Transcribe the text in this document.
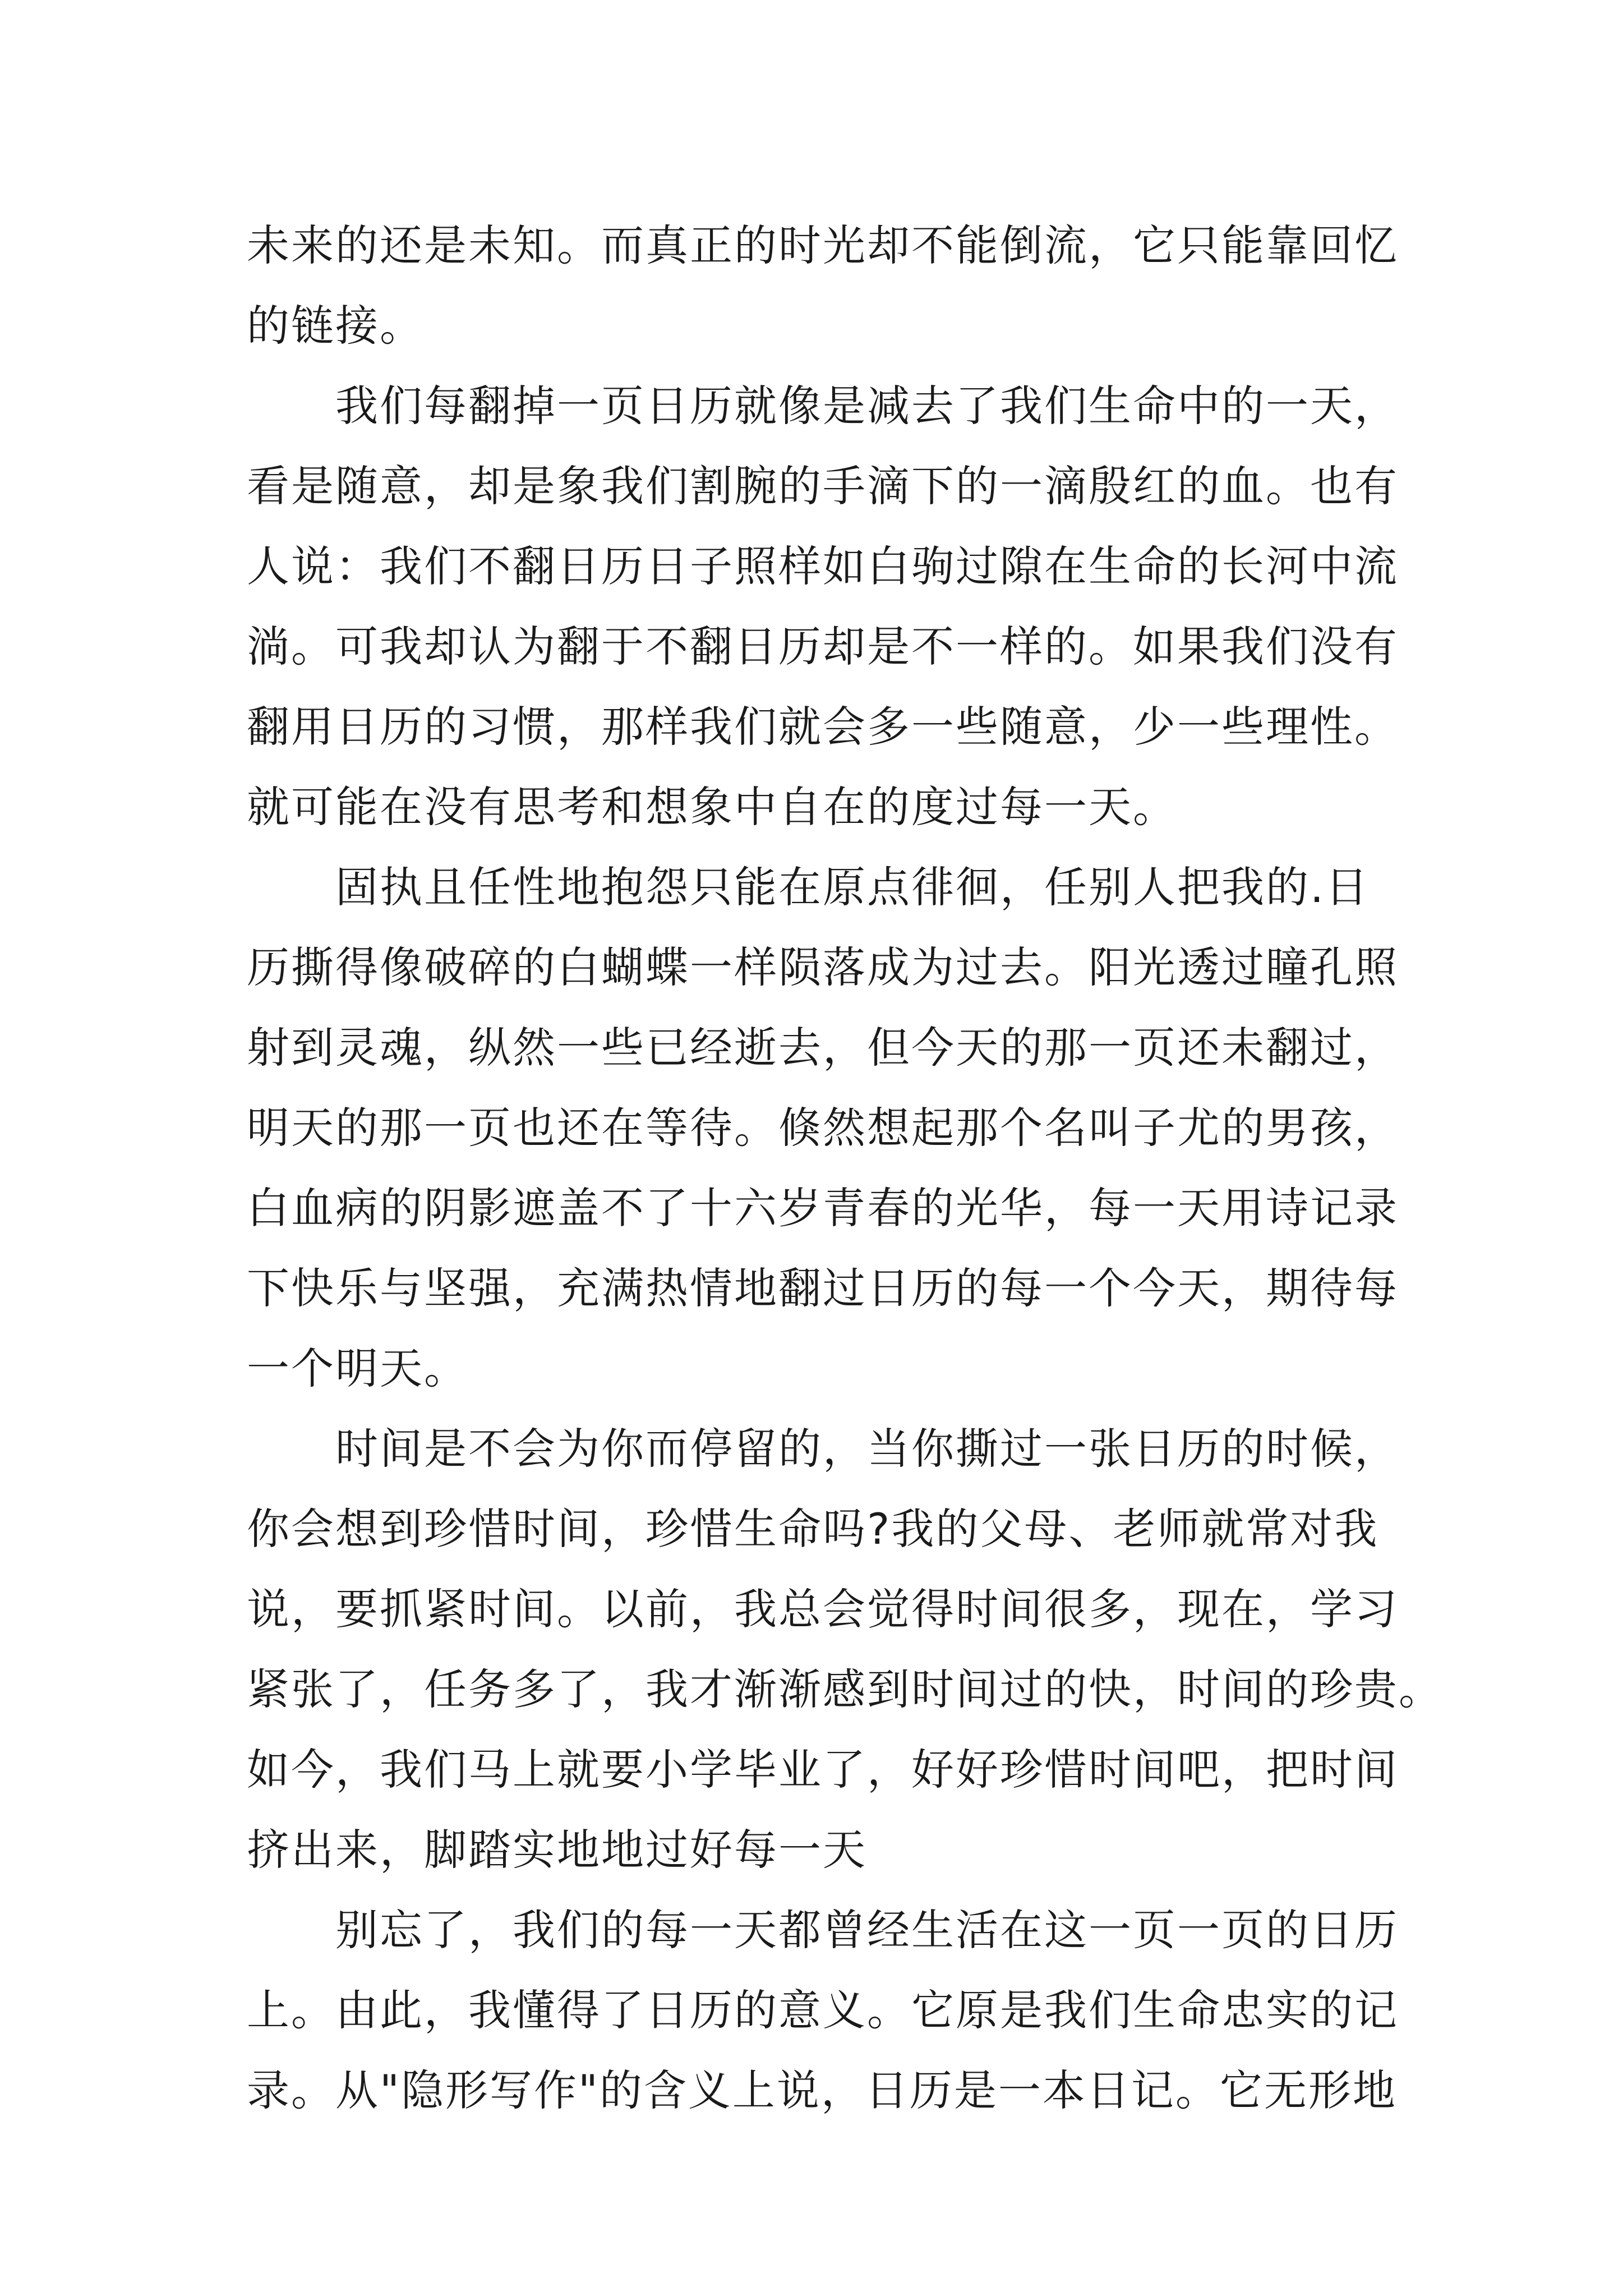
未来的还是未知。而真正的时光却不能倒流，它只能靠回忆
的链接。

　　我们每翻掉一页日历就像是减去了我们生命中的一天，
看是随意，却是象我们割腕的手滴下的一滴殷红的血。也有
人说：我们不翻日历日子照样如白驹过隙在生命的长河中流
淌。可我却认为翻于不翻日历却是不一样的。如果我们没有
翻用日历的习惯，那样我们就会多一些随意，少一些理性。
就可能在没有思考和想象中自在的度过每一天。

　　固执且任性地抱怨只能在原点徘徊，任别人把我的.日
历撕得像破碎的白蝴蝶一样陨落成为过去。阳光透过瞳孔照
射到灵魂，纵然一些已经逝去，但今天的那一页还未翻过，
明天的那一页也还在等待。倏然想起那个名叫子尤的男孩，
白血病的阴影遮盖不了十六岁青春的光华，每一天用诗记录
下快乐与坚强，充满热情地翻过日历的每一个今天，期待每
一个明天。

　　时间是不会为你而停留的，当你撕过一张日历的时候，
你会想到珍惜时间，珍惜生命吗?我的父母、老师就常对我
说，要抓紧时间。以前，我总会觉得时间很多，现在，学习
紧张了，任务多了，我才渐渐感到时间过的快，时间的珍贵。
如今，我们马上就要小学毕业了，好好珍惜时间吧，把时间
挤出来，脚踏实地地过好每一天

　　别忘了，我们的每一天都曾经生活在这一页一页的日历
上。由此，我懂得了日历的意义。它原是我们生命忠实的记
录。从"隐形写作"的含义上说，日历是一本日记。它无形地
